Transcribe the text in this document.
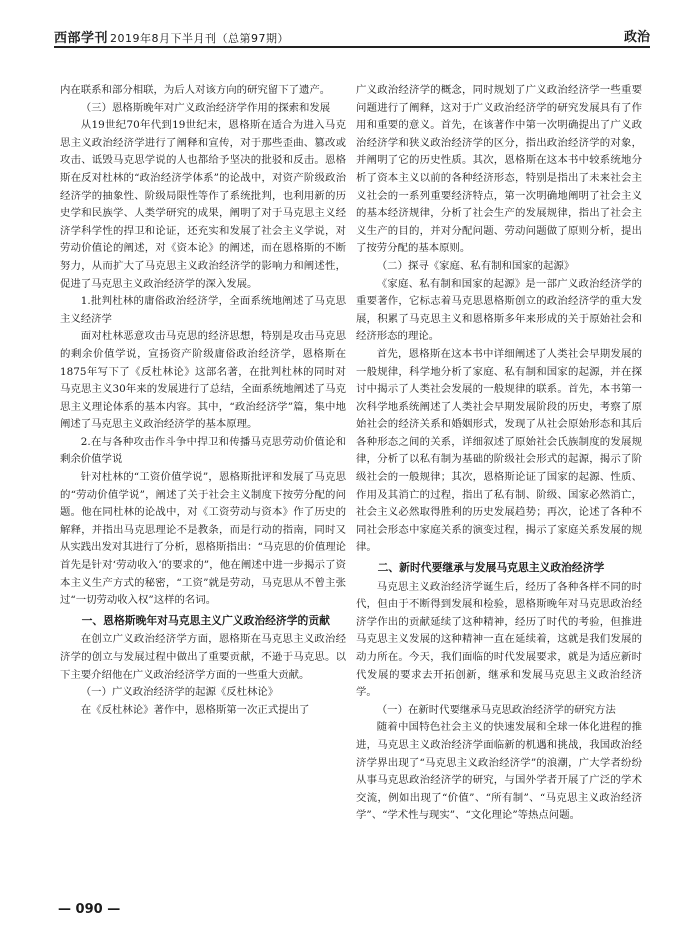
西部学刊 2019年8月下半月刊（总第97期）	政治

内在联系和部分相联，为后人对该方向的研究留下了遗产。

（三）恩格斯晚年对广义政治经济学作用的探索和发展

从19世纪70年代到19世纪末，恩格斯在适合为进入马克思主义政治经济学进行了阐释和宣传，对于那些歪曲、篡改或攻击、诋毁马克思学说的人也都给予坚决的批驳和反击。恩格斯在反对杜林的“政治经济学体系”的论战中，对资产阶级政治经济学的抽象性、阶级局限性等作了系统批判，也利用新的历史学和民族学、人类学研究的成果，阐明了对于马克思主义经济学科学性的捍卫和论证，还充实和发展了社会主义学说，对劳动价值论的阐述，对《资本论》的阐述，而在恩格斯的不断努力，从而扩大了马克思主义政治经济学的影响力和阐述性，促进了马克思主义政治经济学的深入发展。

1.批判杜林的庸俗政治经济学，全面系统地阐述了马克思主义经济学

面对杜林恶意攻击马克思的经济思想，特别是攻击马克思的剩余价值学说，宣扬资产阶级庸俗政治经济学，恩格斯在1875年写下了《反杜林论》这部名著，在批判杜林的同时对马克思主义30年来的发展进行了总结，全面系统地阐述了马克思主义理论体系的基本内容。其中，“政治经济学”篇，集中地阐述了马克思主义政治经济学的基本原理。

2.在与各种攻击作斗争中捍卫和传播马克思劳动价值论和剩余价值学说

针对杜林的“工资价值学说”，恩格斯批评和发展了马克思的“劳动价值学说”，阐述了关于社会主义制度下按劳分配的问题。他在同杜林的论战中，对《工资劳动与资本》作了历史的解释，并指出马克思理论不是教条，而是行动的指南，同时又从实践出发对其进行了分析，恩格斯指出：“马克思的价值理论首先是针对‘劳动收入’的要求的”，他在阐述中进一步揭示了资本主义生产方式的秘密，“工资”就是劳动，马克思从不曾主张过“一切劳动收入权”这样的名词。

一、恩格斯晚年对马克思主义广义政治经济学的贡献

在创立广义政治经济学方面，恩格斯在马克思主义政治经济学的创立与发展过程中做出了重要贡献，不逊于马克思。以下主要介绍他在广义政治经济学方面的一些重大贡献。

（一）广义政治经济学的起源《反杜林论》

在《反杜林论》著作中，恩格斯第一次正式提出了

广义政治经济学的概念，同时规划了广义政治经济学一些重要问题进行了阐释，这对于广义政治经济学的研究发展具有了作用和重要的意义。首先，在该著作中第一次明确提出了广义政治经济学和狭义政治经济学的区分，指出政治经济学的对象，并阐明了它的历史性质。其次，恩格斯在这本书中较系统地分析了资本主义以前的各种经济形态，特别是指出了未来社会主义社会的一系列重要经济特点，第一次明确地阐明了社会主义的基本经济规律，分析了社会生产的发展规律，指出了社会主义生产的目的，并对分配问题、劳动问题做了原则分析，提出了按劳分配的基本原则。

（二）探寻《家庭、私有制和国家的起源》

《家庭、私有制和国家的起源》是一部广义政治经济学的重要著作，它标志着马克思恩格斯创立的政治经济学的重大发展，积累了马克思主义和恩格斯多年来形成的关于原始社会和经济形态的理论。

首先，恩格斯在这本书中详细阐述了人类社会早期发展的一般规律，科学地分析了家庭、私有制和国家的起源，并在探讨中揭示了人类社会发展的一般规律的联系。首先，本书第一次科学地系统阐述了人类社会早期发展阶段的历史，考察了原始社会的经济关系和婚姻形式，发现了从社会原始形态和其后各种形态之间的关系，详细叙述了原始社会氏族制度的发展规律，分析了以私有制为基础的阶级社会形式的起源，揭示了阶级社会的一般规律；其次，恩格斯论证了国家的起源、性质、作用及其消亡的过程，指出了私有制、阶级、国家必然消亡，社会主义必然取得胜利的历史发展趋势；再次，论述了各种不同社会形态中家庭关系的演变过程，揭示了家庭关系发展的规律。

二、新时代要继承与发展马克思主义政治经济学

马克思主义政治经济学诞生后，经历了各种各样不同的时代，但由于不断得到发展和检验，恩格斯晚年对马克思政治经济学作出的贡献延续了这种精神，经历了时代的考验，但推进马克思主义发展的这种精神一直在延续着，这就是我们发展的动力所在。今天，我们面临的时代发展要求，就是为适应新时代发展的要求去开拓创新，继承和发展马克思主义政治经济学。

（一）在新时代要继承马克思政治经济学的研究方法

随着中国特色社会主义的快速发展和全球一体化进程的推进，马克思主义政治经济学面临新的机遇和挑战，我国政治经济学界出现了“马克思主义政治经济学”的浪潮，广大学者纷纷从事马克思政治经济学的研究，与国外学者开展了广泛的学术交流，例如出现了“价值”、“所有制”、“马克思主义政治经济学”、“学术性与现实”、“文化理论”等热点问题。

— 090 —
